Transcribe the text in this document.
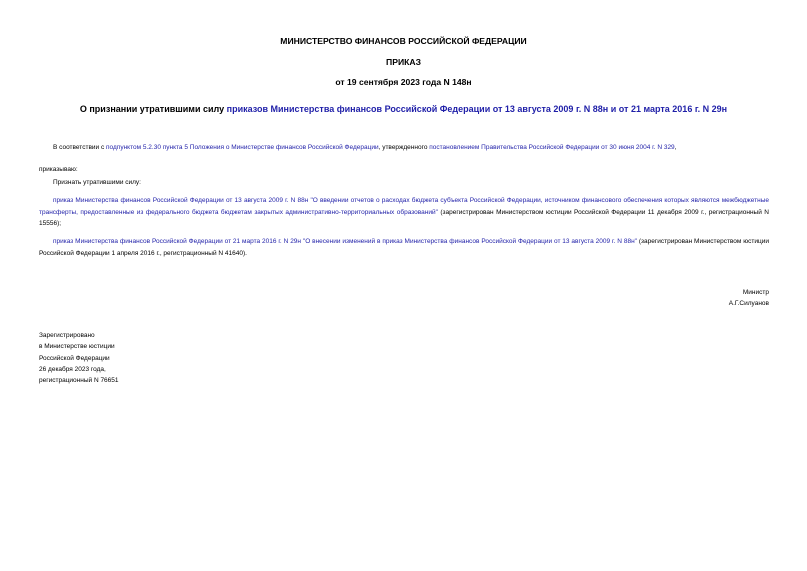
МИНИСТЕРСТВО ФИНАНСОВ РОССИЙСКОЙ ФЕДЕРАЦИИ
ПРИКАЗ
от 19 сентября 2023 года N 148н
О признании утратившими силу приказов Министерства финансов Российской Федерации от 13 августа 2009 г. N 88н и от 21 марта 2016 г. N 29н
В соответствии с подпунктом 5.2.30 пункта 5 Положения о Министерстве финансов Российской Федерации, утвержденного постановлением Правительства Российской Федерации от 30 июня 2004 г. N 329,
приказываю:
Признать утратившими силу:
приказ Министерства финансов Российской Федерации от 13 августа 2009 г. N 88н "О введении отчетов о расходах бюджета субъекта Российской Федерации, источником финансового обеспечения которых являются межбюджетные трансферты, предоставленные из федерального бюджета бюджетам закрытых административно-территориальных образований" (зарегистрирован Министерством юстиции Российской Федерации 11 декабря 2009 г., регистрационный N 15556);
приказ Министерства финансов Российской Федерации от 21 марта 2016 г. N 29н "О внесении изменений в приказ Министерства финансов Российской Федерации от 13 августа 2009 г. N 88н" (зарегистрирован Министерством юстиции Российской Федерации 1 апреля 2016 г., регистрационный N 41640).
Министр
А.Г.Силуанов
Зарегистрировано
в Министерстве юстиции
Российской Федерации
26 декабря 2023 года,
регистрационный N 76651
